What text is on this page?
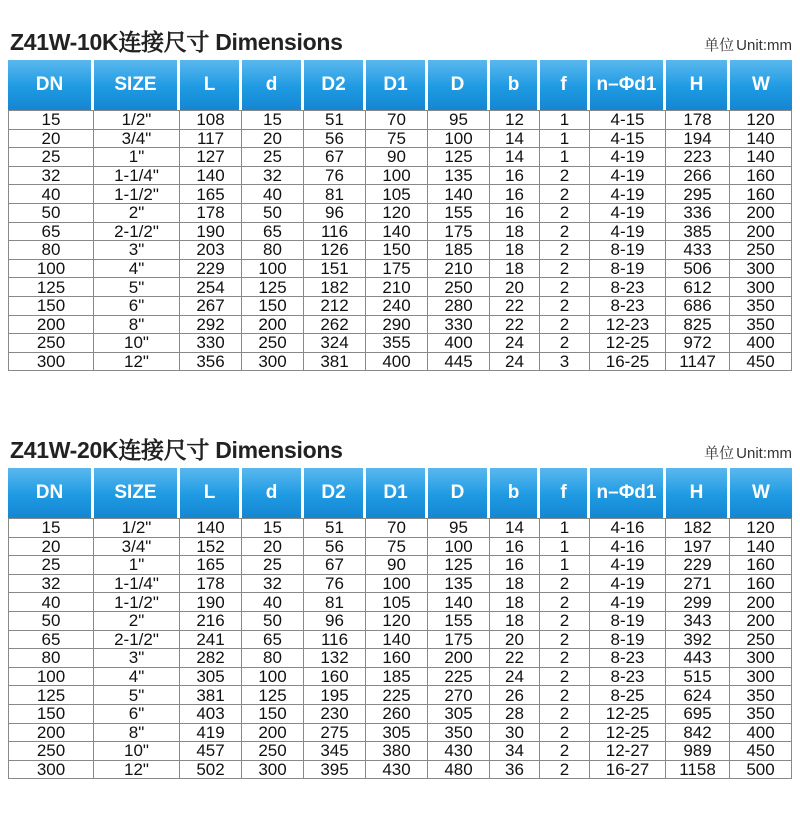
Z41W-10K连接尺寸 Dimensions	单位 Unit:mm
DN	SIZE	L	d	D2	D1	D	b	f	n–Φd1	H	W
15	1/2"	108	15	51	70	95	12	1	4-15	178	120
20	3/4"	117	20	56	75	100	14	1	4-15	194	140
25	1"	127	25	67	90	125	14	1	4-19	223	140
32	1-1/4"	140	32	76	100	135	16	2	4-19	266	160
40	1-1/2"	165	40	81	105	140	16	2	4-19	295	160
50	2"	178	50	96	120	155	16	2	4-19	336	200
65	2-1/2"	190	65	116	140	175	18	2	4-19	385	200
80	3"	203	80	126	150	185	18	2	8-19	433	250
100	4"	229	100	151	175	210	18	2	8-19	506	300
125	5"	254	125	182	210	250	20	2	8-23	612	300
150	6"	267	150	212	240	280	22	2	8-23	686	350
200	8"	292	200	262	290	330	22	2	12-23	825	350
250	10"	330	250	324	355	400	24	2	12-25	972	400
300	12"	356	300	381	400	445	24	3	16-25	1147	450
Z41W-20K连接尺寸 Dimensions	单位 Unit:mm
DN	SIZE	L	d	D2	D1	D	b	f	n–Φd1	H	W
15	1/2"	140	15	51	70	95	14	1	4-16	182	120
20	3/4"	152	20	56	75	100	16	1	4-16	197	140
25	1"	165	25	67	90	125	16	1	4-19	229	160
32	1-1/4"	178	32	76	100	135	18	2	4-19	271	160
40	1-1/2"	190	40	81	105	140	18	2	4-19	299	200
50	2"	216	50	96	120	155	18	2	8-19	343	200
65	2-1/2"	241	65	116	140	175	20	2	8-19	392	250
80	3"	282	80	132	160	200	22	2	8-23	443	300
100	4"	305	100	160	185	225	24	2	8-23	515	300
125	5"	381	125	195	225	270	26	2	8-25	624	350
150	6"	403	150	230	260	305	28	2	12-25	695	350
200	8"	419	200	275	305	350	30	2	12-25	842	400
250	10"	457	250	345	380	430	34	2	12-27	989	450
300	12"	502	300	395	430	480	36	2	16-27	1158	500
